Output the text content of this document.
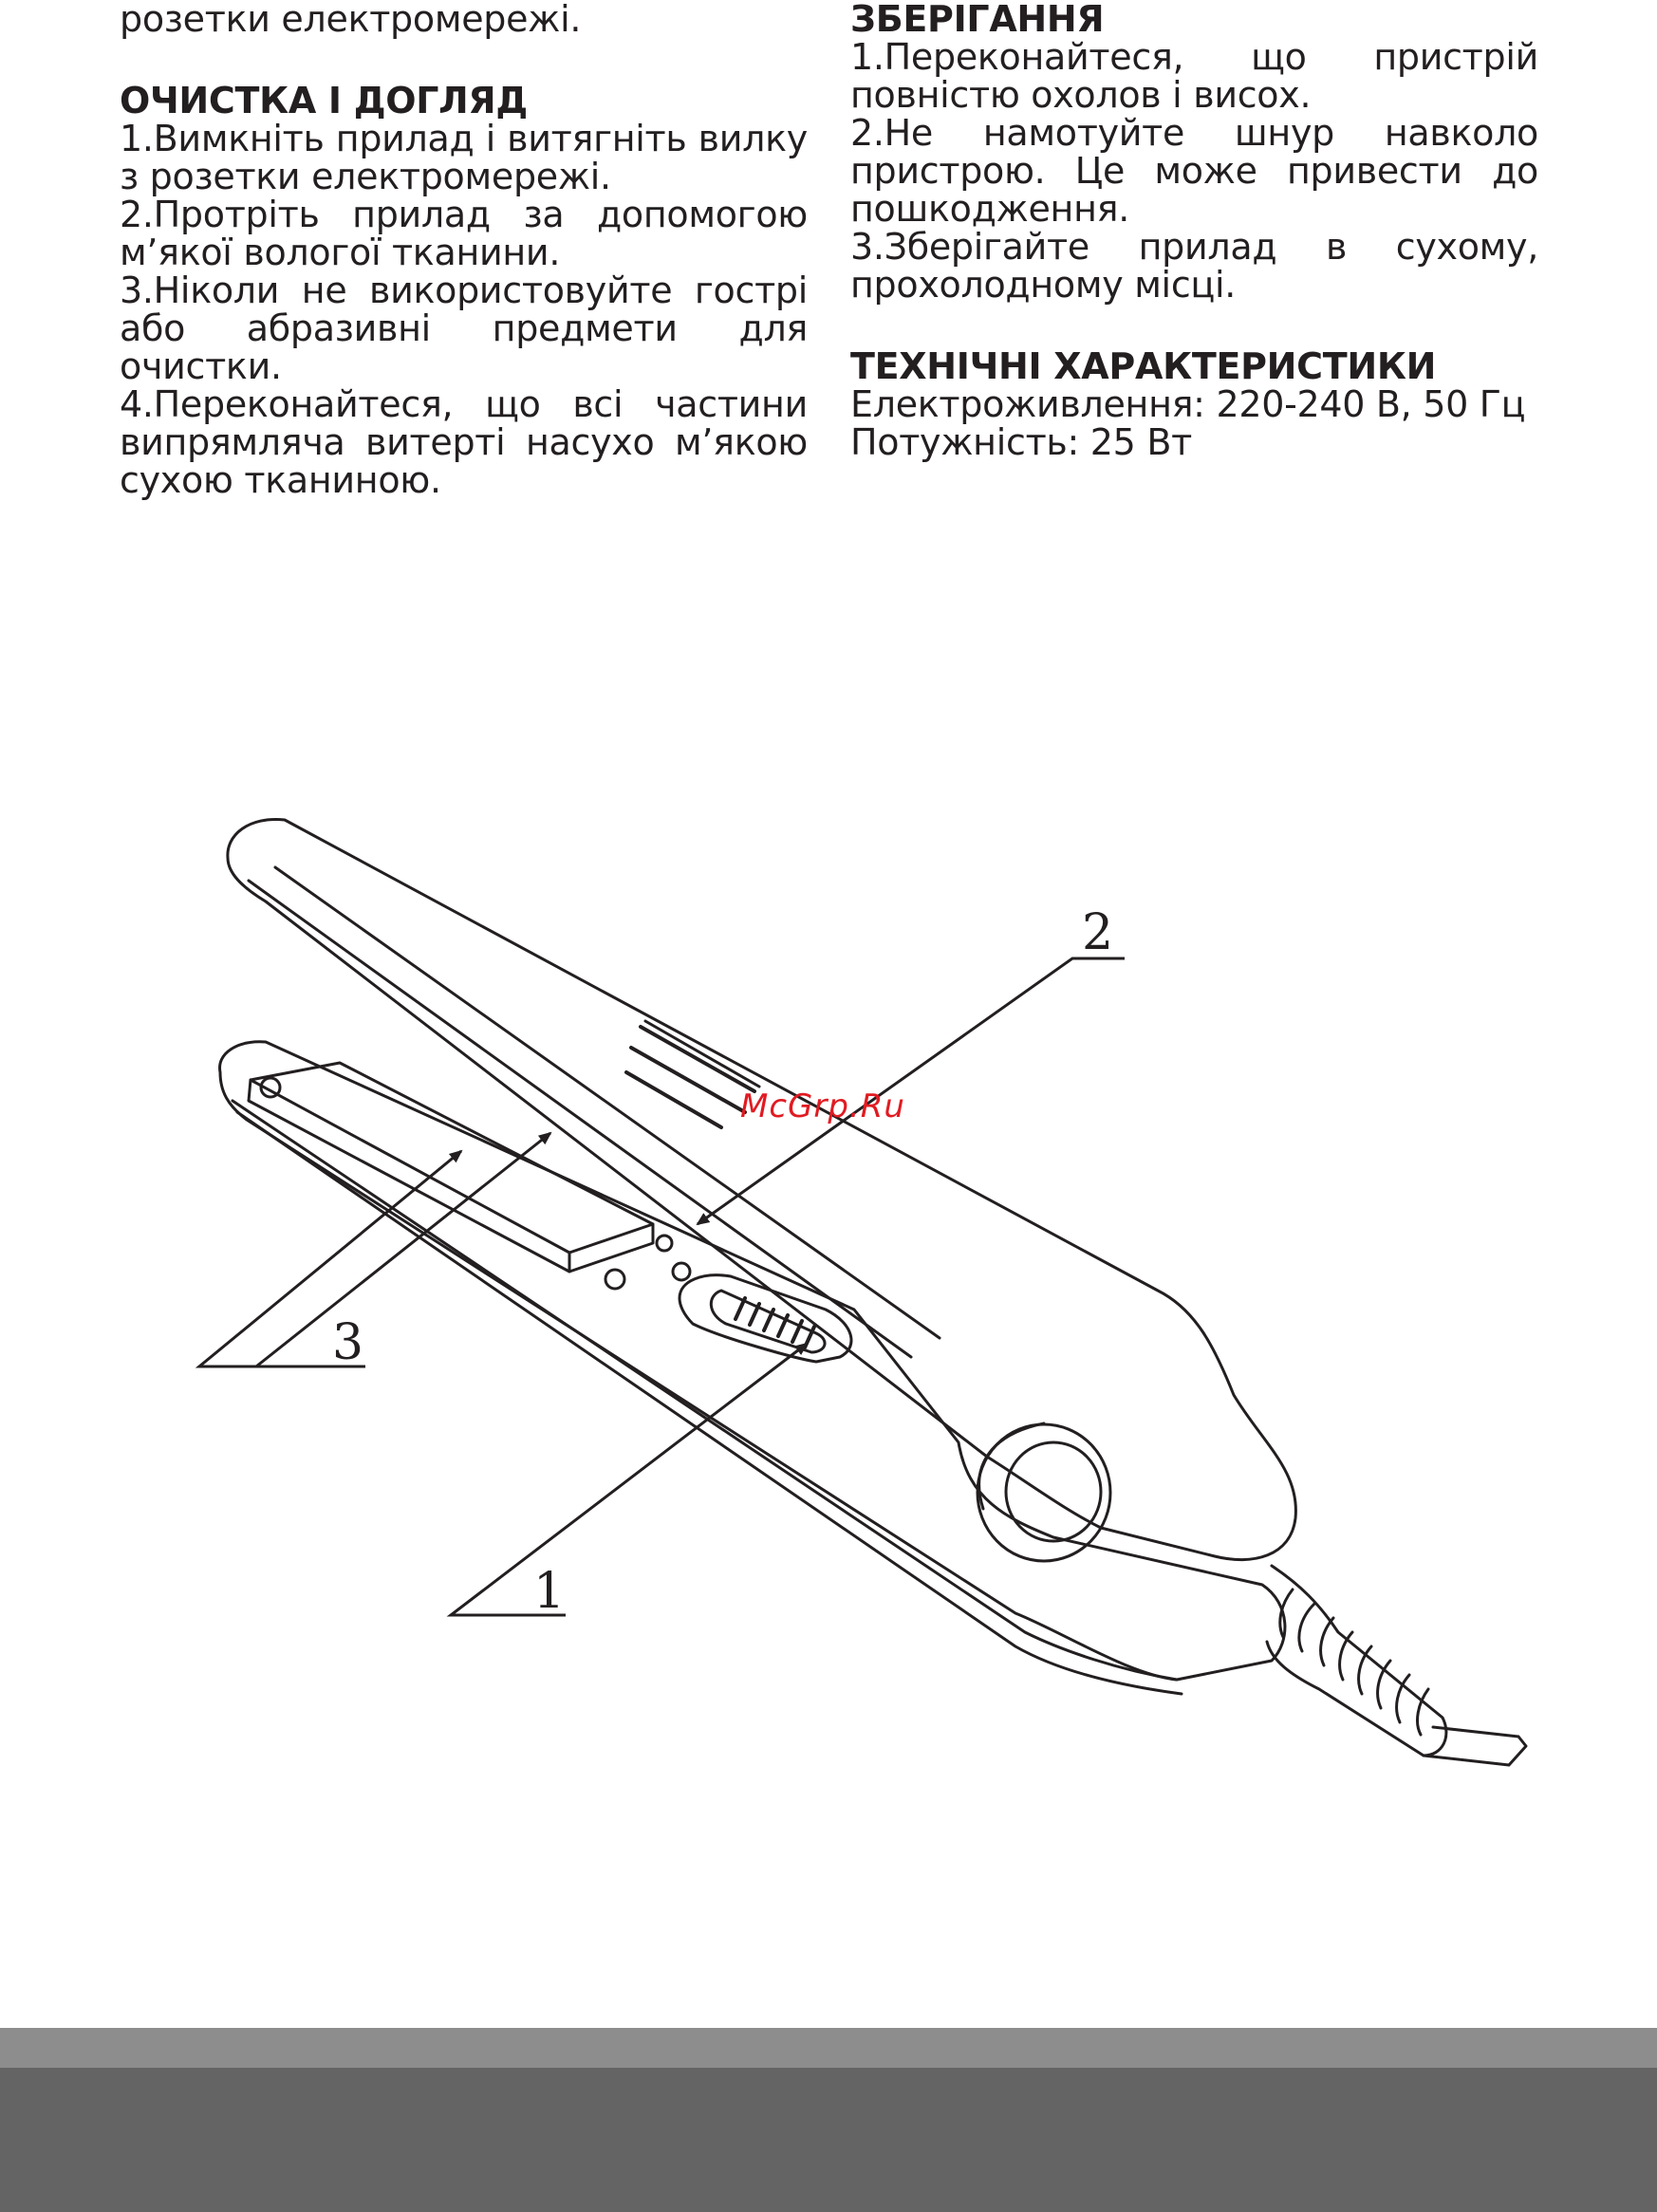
розетки електромережі.

ОЧИСТКА І ДОГЛЯД

1.Вимкніть прилад і витягніть вилку з розетки електромережі.

2.Протріть прилад за допомогою м’якої вологої тканини.

3.Ніколи не використовуйте гострі або абразивні предмети для очистки.

4.Переконайтеся, що всі частини випрямляча витерті насухо м’якою сухою тканиною.

ЗБЕРІГАННЯ

1.Переконайтеся, що пристрій повністю охолов і висох.

2.Не намотуйте шнур навколо пристрою. Це може привести до пошкодження.

3.Зберігайте прилад в сухому, прохолодному місці.

ТЕХНІЧНІ ХАРАКТЕРИСТИКИ

Електроживлення: 220-240 В, 50 Гц

Потужність: 25 Вт

2
3
1
McGrp.Ru
